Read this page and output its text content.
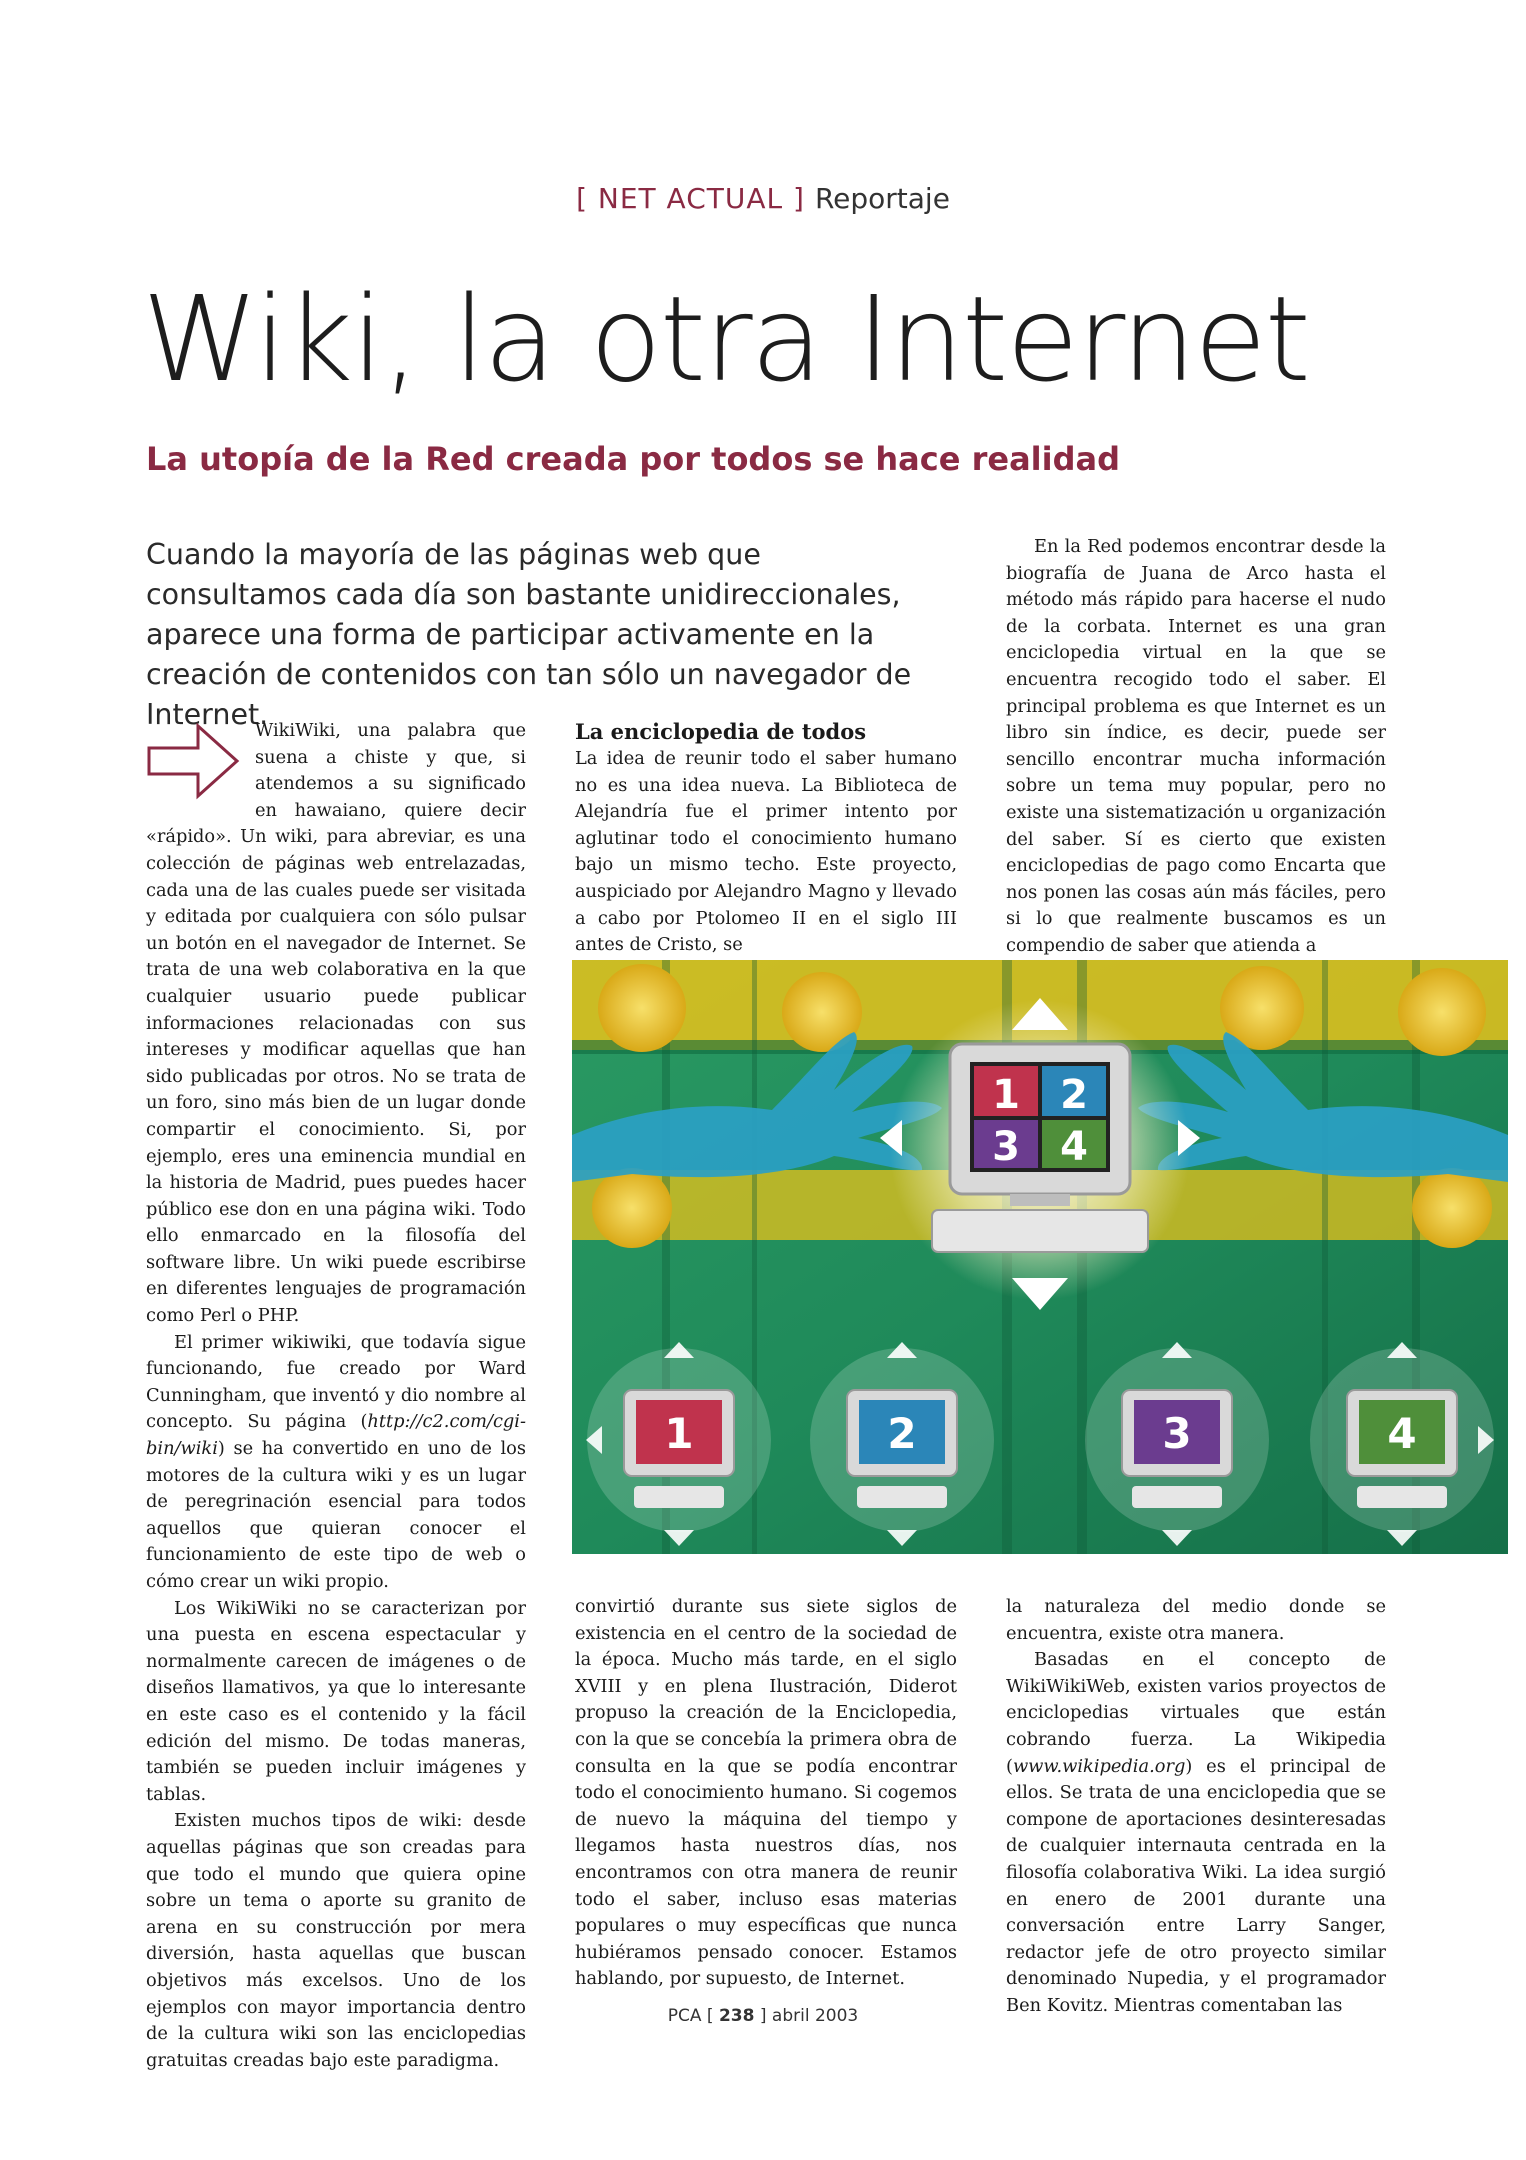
[ NET ACTUAL ] Reportaje
Wiki, la otra Internet
La utopía de la Red creada por todos se hace realidad
Cuando la mayoría de las páginas web que consultamos cada día son bastante unidireccionales, aparece una forma de participar activamente en la creación de contenidos con tan sólo un navegador de Internet.

WikiWiki, una palabra que suena a chiste y que, si atendemos a su significado en hawaiano, quiere decir «rápido». Un wiki, para abreviar, es una colección de páginas web entrelazadas, cada una de las cuales puede ser visitada y editada por cualquiera con sólo pulsar un botón en el navegador de Internet. Se trata de una web colaborativa en la que cualquier usuario puede publicar informaciones relacionadas con sus intereses y modificar aquellas que han sido publicadas por otros. No se trata de un foro, sino más bien de un lugar donde compartir el conocimiento. Si, por ejemplo, eres una eminencia mundial en la historia de Madrid, pues puedes hacer público ese don en una página wiki. Todo ello enmarcado en la filosofía del software libre. Un wiki puede escribirse en diferentes lenguajes de programación como Perl o PHP.

El primer wikiwiki, que todavía sigue funcionando, fue creado por Ward Cunningham, que inventó y dio nombre al concepto. Su página (http://c2.com/cgi-bin/wiki) se ha convertido en uno de los motores de la cultura wiki y es un lugar de peregrinación esencial para todos aquellos que quieran conocer el funcionamiento de este tipo de web o cómo crear un wiki propio.

Los WikiWiki no se caracterizan por una puesta en escena espectacular y normalmente carecen de imágenes o de diseños llamativos, ya que lo interesante en este caso es el contenido y la fácil edición del mismo. De todas maneras, también se pueden incluir imágenes y tablas.

Existen muchos tipos de wiki: desde aquellas páginas que son creadas para que todo el mundo que quiera opine sobre un tema o aporte su granito de arena en su construcción por mera diversión, hasta aquellas que buscan objetivos más excelsos. Uno de los ejemplos con mayor importancia dentro de la cultura wiki son las enciclopedias gratuitas creadas bajo este paradigma.

La enciclopedia de todos

La idea de reunir todo el saber humano no es una idea nueva. La Biblioteca de Alejandría fue el primer intento por aglutinar todo el conocimiento humano bajo un mismo techo. Este proyecto, auspiciado por Alejandro Magno y llevado a cabo por Ptolomeo II en el siglo III antes de Cristo, se

En la Red podemos encontrar desde la biografía de Juana de Arco hasta el método más rápido para hacerse el nudo de la corbata. Internet es una gran enciclopedia virtual en la que se encuentra recogido todo el saber. El principal problema es que Internet es un libro sin índice, es decir, puede ser sencillo encontrar mucha información sobre un tema muy popular, pero no existe una sistematización u organización del saber. Sí es cierto que existen enciclopedias de pago como Encarta que nos ponen las cosas aún más fáciles, pero si lo que realmente buscamos es un compendio de saber que atienda a

1 2
3 4
1	2	3	4

convirtió durante sus siete siglos de existencia en el centro de la sociedad de la época. Mucho más tarde, en el siglo XVIII y en plena Ilustración, Diderot propuso la creación de la Enciclopedia, con la que se concebía la primera obra de consulta en la que se podía encontrar todo el conocimiento humano. Si cogemos de nuevo la máquina del tiempo y llegamos hasta nuestros días, nos encontramos con otra manera de reunir todo el saber, incluso esas materias populares o muy específicas que nunca hubiéramos pensado conocer. Estamos hablando, por supuesto, de Internet.

la naturaleza del medio donde se encuentra, existe otra manera.

Basadas en el concepto de WikiWikiWeb, existen varios proyectos de enciclopedias virtuales que están cobrando fuerza. La Wikipedia (www.wikipedia.org) es el principal de ellos. Se trata de una enciclopedia que se compone de aportaciones desinteresadas de cualquier internauta centrada en la filosofía colaborativa Wiki. La idea surgió en enero de 2001 durante una conversación entre Larry Sanger, redactor jefe de otro proyecto similar denominado Nupedia, y el programador Ben Kovitz. Mientras comentaban las

PCA [ 238 ] abril 2003
